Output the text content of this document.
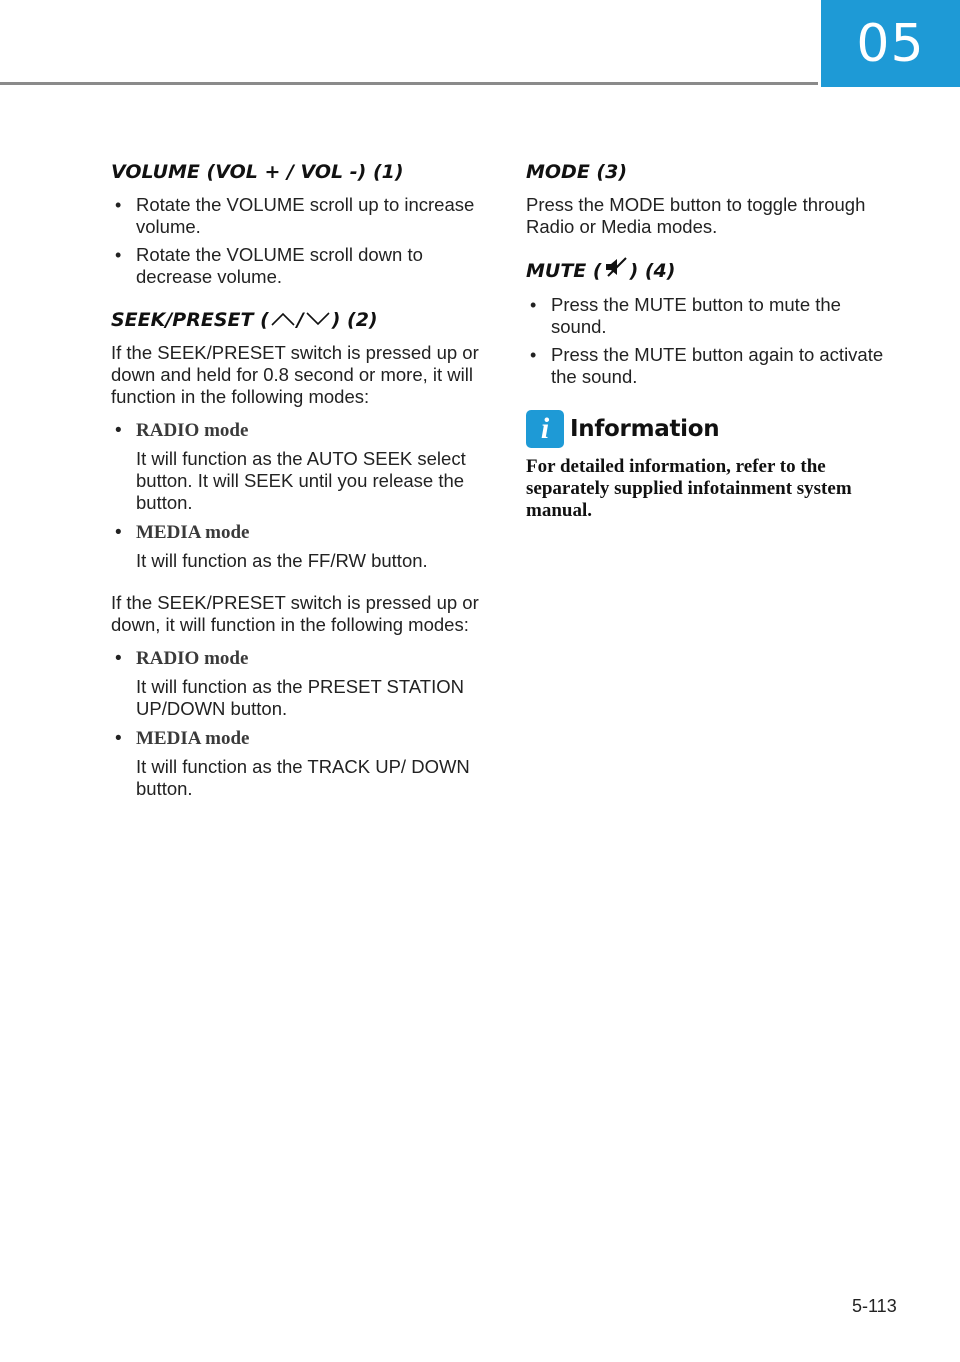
05
VOLUME (VOL + / VOL -) (1)
• Rotate the VOLUME scroll up to increase volume.
• Rotate the VOLUME scroll down to decrease volume.
SEEK/PRESET ( / ) (2)

If the SEEK/PRESET switch is pressed up or down and held for 0.8 second or more, it will function in the following modes:

• RADIO mode
It will function as the AUTO SEEK select button. It will SEEK until you release the button.
• MEDIA mode
It will function as the FF/RW button.

If the SEEK/PRESET switch is pressed up or down, it will function in the following modes:

• RADIO mode
It will function as the PRESET STATION UP/DOWN button.
• MEDIA mode
It will function as the TRACK UP/ DOWN button.
MODE (3)

Press the MODE button to toggle through Radio or Media modes.

MUTE ( ) (4)
• Press the MUTE button to mute the sound.
• Press the MUTE button again to activate the sound.
i Information

For detailed information, refer to the separately supplied infotainment system manual.

5-113
